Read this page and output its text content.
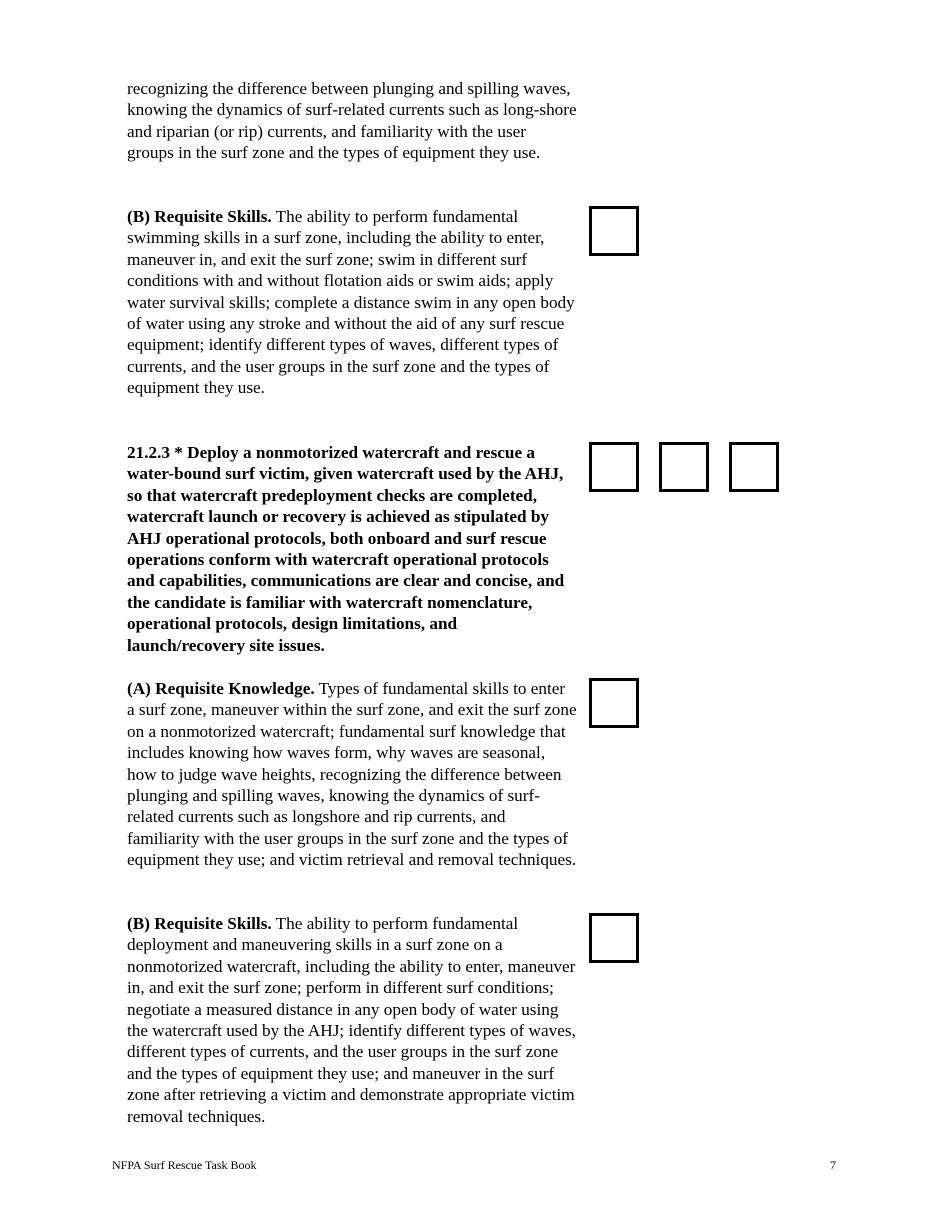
recognizing the difference between plunging and spilling waves, knowing the dynamics of surf-related currents such as long-shore and riparian (or rip) currents, and familiarity with the user groups in the surf zone and the types of equipment they use.

(B) Requisite Skills. The ability to perform fundamental swimming skills in a surf zone, including the ability to enter, maneuver in, and exit the surf zone; swim in different surf conditions with and without flotation aids or swim aids; apply water survival skills; complete a distance swim in any open body of water using any stroke and without the aid of any surf rescue equipment; identify different types of waves, different types of currents, and the user groups in the surf zone and the types of equipment they use.

21.2.3 * Deploy a nonmotorized watercraft and rescue a water-bound surf victim, given watercraft used by the AHJ, so that watercraft predeployment checks are completed, watercraft launch or recovery is achieved as stipulated by AHJ operational protocols, both onboard and surf rescue operations conform with watercraft operational protocols and capabilities, communications are clear and concise, and the candidate is familiar with watercraft nomenclature, operational protocols, design limitations, and launch/recovery site issues.

(A) Requisite Knowledge. Types of fundamental skills to enter a surf zone, maneuver within the surf zone, and exit the surf zone on a nonmotorized watercraft; fundamental surf knowledge that includes knowing how waves form, why waves are seasonal, how to judge wave heights, recognizing the difference between plunging and spilling waves, knowing the dynamics of surf-related currents such as longshore and rip currents, and familiarity with the user groups in the surf zone and the types of equipment they use; and victim retrieval and removal techniques.

(B) Requisite Skills. The ability to perform fundamental deployment and maneuvering skills in a surf zone on a nonmotorized watercraft, including the ability to enter, maneuver in, and exit the surf zone; perform in different surf conditions; negotiate a measured distance in any open body of water using the watercraft used by the AHJ; identify different types of waves, different types of currents, and the user groups in the surf zone and the types of equipment they use; and maneuver in the surf zone after retrieving a victim and demonstrate appropriate victim removal techniques.

NFPA Surf Rescue Task Book	7
